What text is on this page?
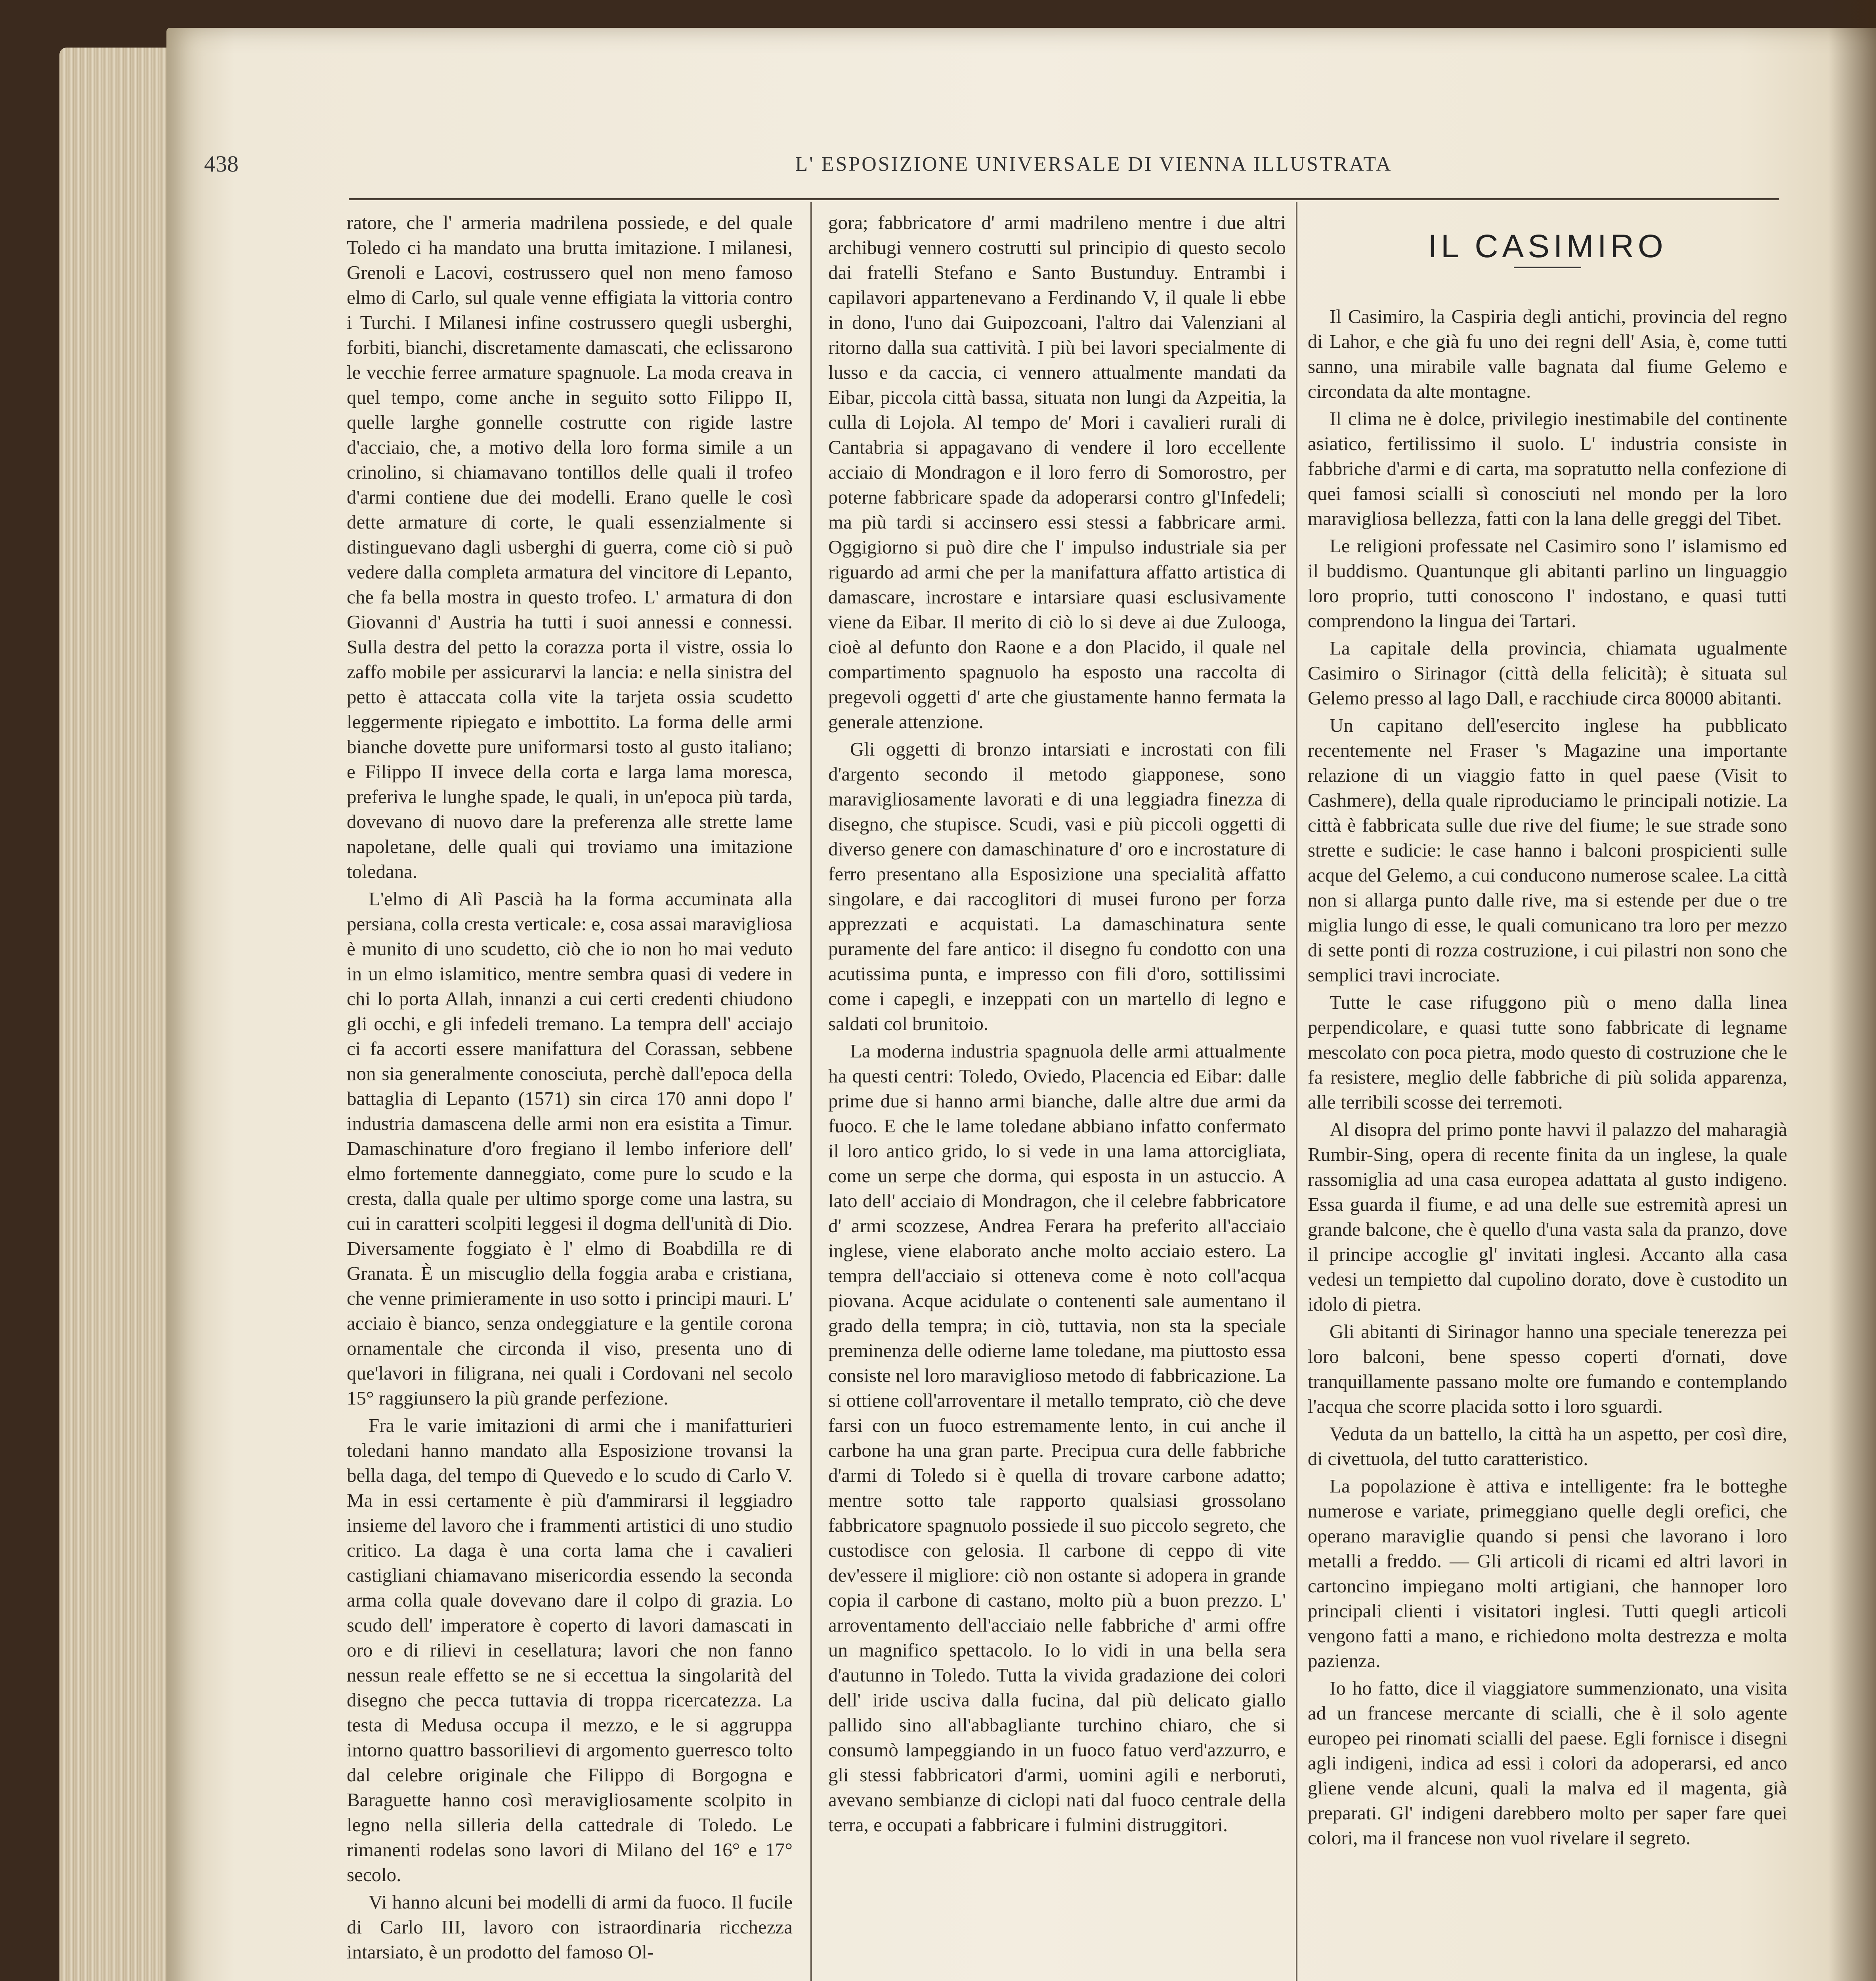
438	L' ESPOSIZIONE UNIVERSALE DI VIENNA ILLUSTRATA

ratore, che l' armeria madrilena possiede, e del quale Toledo ci ha mandato una brutta imitazione. I milanesi, Grenoli e Lacovi, costrussero quel non meno famoso elmo di Carlo, sul quale venne effigiata la vittoria contro i Turchi. I Milanesi infine costrussero quegli usberghi, forbiti, bianchi, discretamente damascati, che eclissarono le vecchie ferree armature spagnuole. La moda creava in quel tempo, come anche in seguito sotto Filippo II, quelle larghe gonnelle costrutte con rigide lastre d'acciaio, che, a motivo della loro forma simile a un crinolino, si chiamavano tontillos delle quali il trofeo d'armi contiene due dei modelli. Erano quelle le così dette armature di corte, le quali essenzialmente si distinguevano dagli usberghi di guerra, come ciò si può vedere dalla completa armatura del vincitore di Lepanto, che fa bella mostra in questo trofeo. L' armatura di don Giovanni d' Austria ha tutti i suoi annessi e connessi. Sulla destra del petto la corazza porta il vistre, ossia lo zaffo mobile per assicurarvi la lancia: e nella sinistra del petto è attaccata colla vite la tarjeta ossia scudetto leggermente ripiegato e imbottito. La forma delle armi bianche dovette pure uniformarsi tosto al gusto italiano; e Filippo II invece della corta e larga lama moresca, preferiva le lunghe spade, le quali, in un'epoca più tarda, dovevano di nuovo dare la preferenza alle strette lame napoletane, delle quali qui troviamo una imitazione toledana.

L'elmo di Alì Pascià ha la forma accuminata alla persiana, colla cresta verticale: e, cosa assai maravigliosa è munito di uno scudetto, ciò che io non ho mai veduto in un elmo islamitico, mentre sembra quasi di vedere in chi lo porta Allah, innanzi a cui certi credenti chiudono gli occhi, e gli infedeli tremano. La tempra dell' acciajo ci fa accorti essere manifattura del Corassan, sebbene non sia generalmente conosciuta, perchè dall'epoca della battaglia di Lepanto (1571) sin circa 170 anni dopo l' industria damascena delle armi non era esistita a Timur. Damaschinature d'oro fregiano il lembo inferiore dell' elmo fortemente danneggiato, come pure lo scudo e la cresta, dalla quale per ultimo sporge come una lastra, su cui in caratteri scolpiti leggesi il dogma dell'unità di Dio. Diversamente foggiato è l' elmo di Boabdilla re di Granata. È un miscuglio della foggia araba e cristiana, che venne primieramente in uso sotto i principi mauri. L' acciaio è bianco, senza ondeggiature e la gentile corona ornamentale che circonda il viso, presenta uno di que'lavori in filigrana, nei quali i Cordovani nel secolo 15° raggiunsero la più grande perfezione.

Fra le varie imitazioni di armi che i manifatturieri toledani hanno mandato alla Esposizione trovansi la bella daga, del tempo di Quevedo e lo scudo di Carlo V. Ma in essi certamente è più d'ammirarsi il leggiadro insieme del lavoro che i frammenti artistici di uno studio critico. La daga è una corta lama che i cavalieri castigliani chiamavano misericordia essendo la seconda arma colla quale dovevano dare il colpo di grazia. Lo scudo dell' imperatore è coperto di lavori damascati in oro e di rilievi in cesellatura; lavori che non fanno nessun reale effetto se ne si eccettua la singolarità del disegno che pecca tuttavia di troppa ricercatezza. La testa di Medusa occupa il mezzo, e le si aggruppa intorno quattro bassorilievi di argomento guerresco tolto dal celebre originale che Filippo di Borgogna e Baraguette hanno così meravigliosamente scolpito in legno nella silleria della cattedrale di Toledo. Le rimanenti rodelas sono lavori di Milano del 16° e 17° secolo.

Vi hanno alcuni bei modelli di armi da fuoco. Il fucile di Carlo III, lavoro con istraordinaria ricchezza intarsiato, è un prodotto del famoso Ol-

gora; fabbricatore d' armi madrileno mentre i due altri archibugi vennero costrutti sul principio di questo secolo dai fratelli Stefano e Santo Bustunduy. Entrambi i capilavori appartenevano a Ferdinando V, il quale li ebbe in dono, l'uno dai Guipozcoani, l'altro dai Valenziani al ritorno dalla sua cattività. I più bei lavori specialmente di lusso e da caccia, ci vennero attualmente mandati da Eibar, piccola città bassa, situata non lungi da Azpeitia, la culla di Lojola. Al tempo de' Mori i cavalieri rurali di Cantabria si appagavano di vendere il loro eccellente acciaio di Mondragon e il loro ferro di Somorostro, per poterne fabbricare spade da adoperarsi contro gl'Infedeli; ma più tardi si accinsero essi stessi a fabbricare armi. Oggigiorno si può dire che l' impulso industriale sia per riguardo ad armi che per la manifattura affatto artistica di damascare, incrostare e intarsiare quasi esclusivamente viene da Eibar. Il merito di ciò lo si deve ai due Zulooga, cioè al defunto don Raone e a don Placido, il quale nel compartimento spagnuolo ha esposto una raccolta di pregevoli oggetti d' arte che giustamente hanno fermata la generale attenzione.

Gli oggetti di bronzo intarsiati e incrostati con fili d'argento secondo il metodo giapponese, sono maravigliosamente lavorati e di una leggiadra finezza di disegno, che stupisce. Scudi, vasi e più piccoli oggetti di diverso genere con damaschinature d' oro e incrostature di ferro presentano alla Esposizione una specialità affatto singolare, e dai raccoglitori di musei furono per forza apprezzati e acquistati. La damaschinatura sente puramente del fare antico: il disegno fu condotto con una acutissima punta, e impresso con fili d'oro, sottilissimi come i capegli, e inzeppati con un martello di legno e saldati col brunitoio.

La moderna industria spagnuola delle armi attualmente ha questi centri: Toledo, Oviedo, Placencia ed Eibar: dalle prime due si hanno armi bianche, dalle altre due armi da fuoco. E che le lame toledane abbiano infatto confermato il loro antico grido, lo si vede in una lama attorcigliata, come un serpe che dorma, qui esposta in un astuccio. A lato dell' acciaio di Mondragon, che il celebre fabbricatore d' armi scozzese, Andrea Ferara ha preferito all'acciaio inglese, viene elaborato anche molto acciaio estero. La tempra dell'acciaio si otteneva come è noto coll'acqua piovana. Acque acidulate o contenenti sale aumentano il grado della tempra; in ciò, tuttavia, non sta la speciale preminenza delle odierne lame toledane, ma piuttosto essa consiste nel loro maraviglioso metodo di fabbricazione. La si ottiene coll'arroventare il metallo temprato, ciò che deve farsi con un fuoco estremamente lento, in cui anche il carbone ha una gran parte. Precipua cura delle fabbriche d'armi di Toledo si è quella di trovare carbone adatto; mentre sotto tale rapporto qualsiasi grossolano fabbricatore spagnuolo possiede il suo piccolo segreto, che custodisce con gelosia. Il carbone di ceppo di vite dev'essere il migliore: ciò non ostante si adopera in grande copia il carbone di castano, molto più a buon prezzo. L' arroventamento dell'acciaio nelle fabbriche d' armi offre un magnifico spettacolo. Io lo vidi in una bella sera d'autunno in Toledo. Tutta la vivida gradazione dei colori dell' iride usciva dalla fucina, dal più delicato giallo pallido sino all'abbagliante turchino chiaro, che si consumò lampeggiando in un fuoco fatuo verd'azzurro, e gli stessi fabbricatori d'armi, uomini agili e nerboruti, avevano sembianze di ciclopi nati dal fuoco centrale della terra, e occupati a fabbricare i fulmini distruggitori.

IL CASIMIRO

Il Casimiro, la Caspiria degli antichi, provincia del regno di Lahor, e che già fu uno dei regni dell' Asia, è, come tutti sanno, una mirabile valle bagnata dal fiume Gelemo e circondata da alte montagne.

Il clima ne è dolce, privilegio inestimabile del continente asiatico, fertilissimo il suolo. L' industria consiste in fabbriche d'armi e di carta, ma sopratutto nella confezione di quei famosi scialli sì conosciuti nel mondo per la loro maravigliosa bellezza, fatti con la lana delle greggi del Tibet.

Le religioni professate nel Casimiro sono l' islamismo ed il buddismo. Quantunque gli abitanti parlino un linguaggio loro proprio, tutti conoscono l' indostano, e quasi tutti comprendono la lingua dei Tartari.

La capitale della provincia, chiamata ugualmente Casimiro o Sirinagor (città della felicità); è situata sul Gelemo presso al lago Dall, e racchiude circa 80000 abitanti.

Un capitano dell'esercito inglese ha pubblicato recentemente nel Fraser 's Magazine una importante relazione di un viaggio fatto in quel paese (Visit to Cashmere), della quale riproduciamo le principali notizie. La città è fabbricata sulle due rive del fiume; le sue strade sono strette e sudicie: le case hanno i balconi prospicienti sulle acque del Gelemo, a cui conducono numerose scalee. La città non si allarga punto dalle rive, ma si estende per due o tre miglia lungo di esse, le quali comunicano tra loro per mezzo di sette ponti di rozza costruzione, i cui pilastri non sono che semplici travi incrociate.

Tutte le case rifuggono più o meno dalla linea perpendicolare, e quasi tutte sono fabbricate di legname mescolato con poca pietra, modo questo di costruzione che le fa resistere, meglio delle fabbriche di più solida apparenza, alle terribili scosse dei terremoti.

Al disopra del primo ponte havvi il palazzo del maharagià Rumbir-Sing, opera di recente finita da un inglese, la quale rassomiglia ad una casa europea adattata al gusto indigeno. Essa guarda il fiume, e ad una delle sue estremità apresi un grande balcone, che è quello d'una vasta sala da pranzo, dove il principe accoglie gl' invitati inglesi. Accanto alla casa vedesi un tempietto dal cupolino dorato, dove è custodito un idolo di pietra.

Gli abitanti di Sirinagor hanno una speciale tenerezza pei loro balconi, bene spesso coperti d'ornati, dove tranquillamente passano molte ore fumando e contemplando l'acqua che scorre placida sotto i loro sguardi.

Veduta da un battello, la città ha un aspetto, per così dire, di civettuola, del tutto caratteristico.

La popolazione è attiva e intelligente: fra le botteghe numerose e variate, primeggiano quelle degli orefici, che operano maraviglie quando si pensi che lavorano i loro metalli a freddo. — Gli articoli di ricami ed altri lavori in cartoncino impiegano molti artigiani, che hannoper loro principali clienti i visitatori inglesi. Tutti quegli articoli vengono fatti a mano, e richiedono molta destrezza e molta pazienza.

Io ho fatto, dice il viaggiatore summenzionato, una visita ad un francese mercante di scialli, che è il solo agente europeo pei rinomati scialli del paese. Egli fornisce i disegni agli indigeni, indica ad essi i colori da adoperarsi, ed anco gliene vende alcuni, quali la malva ed il magenta, già preparati. Gl' indigeni darebbero molto per saper fare quei colori, ma il francese non vuol rivelare il segreto.
